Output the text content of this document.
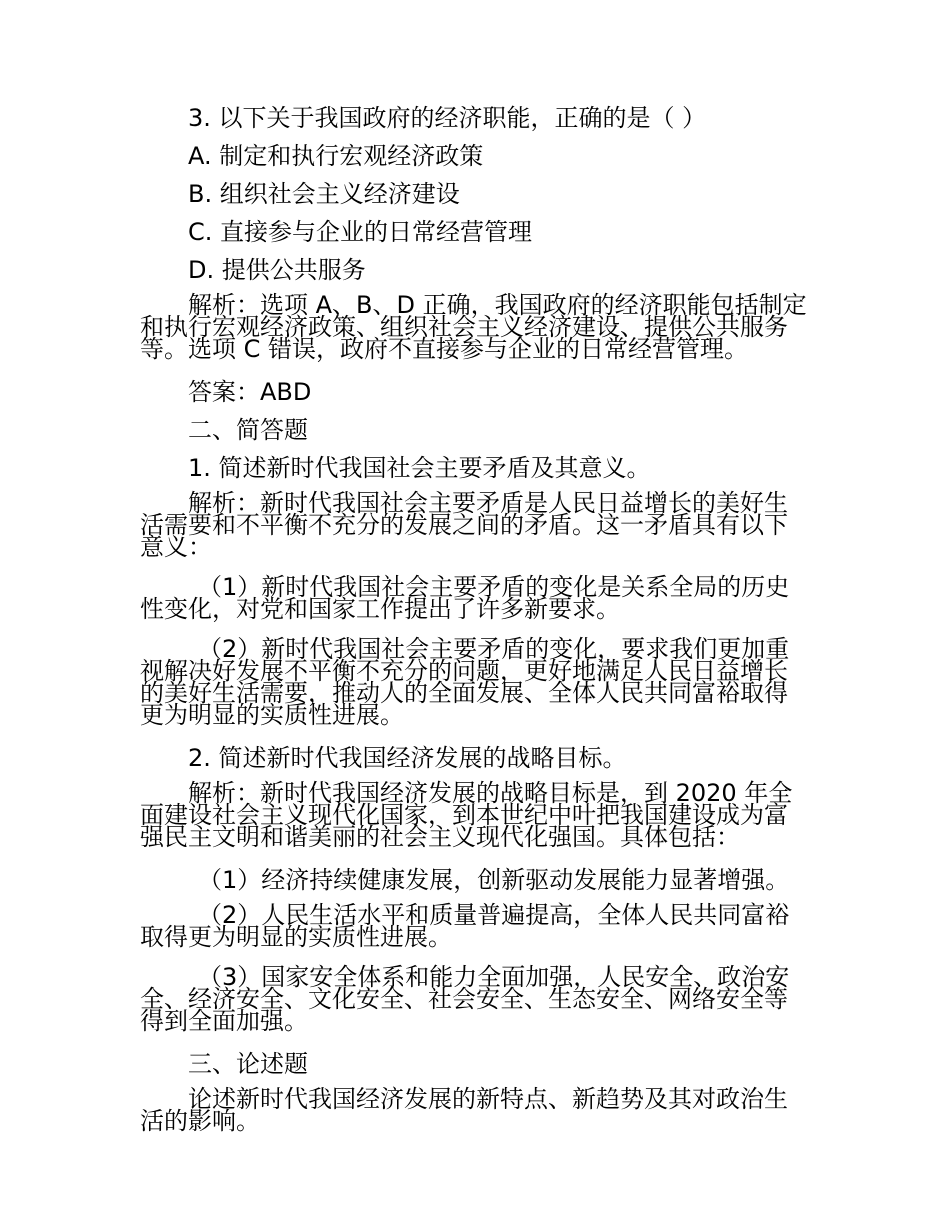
3. 以下关于我国政府的经济职能，正确的是（ ）

A. 制定和执行宏观经济政策

B. 组织社会主义经济建设

C. 直接参与企业的日常经营管理

D. 提供公共服务

解析：选项 A、B、D 正确，我国政府的经济职能包括制定和执行宏观经济政策、组织社会主义经济建设、提供公共服务等。选项 C 错误，政府不直接参与企业的日常经营管理。

答案：ABD

二、简答题

1. 简述新时代我国社会主要矛盾及其意义。

解析：新时代我国社会主要矛盾是人民日益增长的美好生活需要和不平衡不充分的发展之间的矛盾。这一矛盾具有以下意义：

（1）新时代我国社会主要矛盾的变化是关系全局的历史性变化，对党和国家工作提出了许多新要求。

（2）新时代我国社会主要矛盾的变化，要求我们更加重视解决好发展不平衡不充分的问题，更好地满足人民日益增长的美好生活需要，推动人的全面发展、全体人民共同富裕取得更为明显的实质性进展。

2. 简述新时代我国经济发展的战略目标。

解析：新时代我国经济发展的战略目标是，到 2020 年全面建设社会主义现代化国家，到本世纪中叶把我国建设成为富强民主文明和谐美丽的社会主义现代化强国。具体包括：

（1）经济持续健康发展，创新驱动发展能力显著增强。

（2）人民生活水平和质量普遍提高，全体人民共同富裕取得更为明显的实质性进展。

（3）国家安全体系和能力全面加强，人民安全、政治安全、经济安全、文化安全、社会安全、生态安全、网络安全等得到全面加强。

三、论述题

论述新时代我国经济发展的新特点、新趋势及其对政治生活的影响。
